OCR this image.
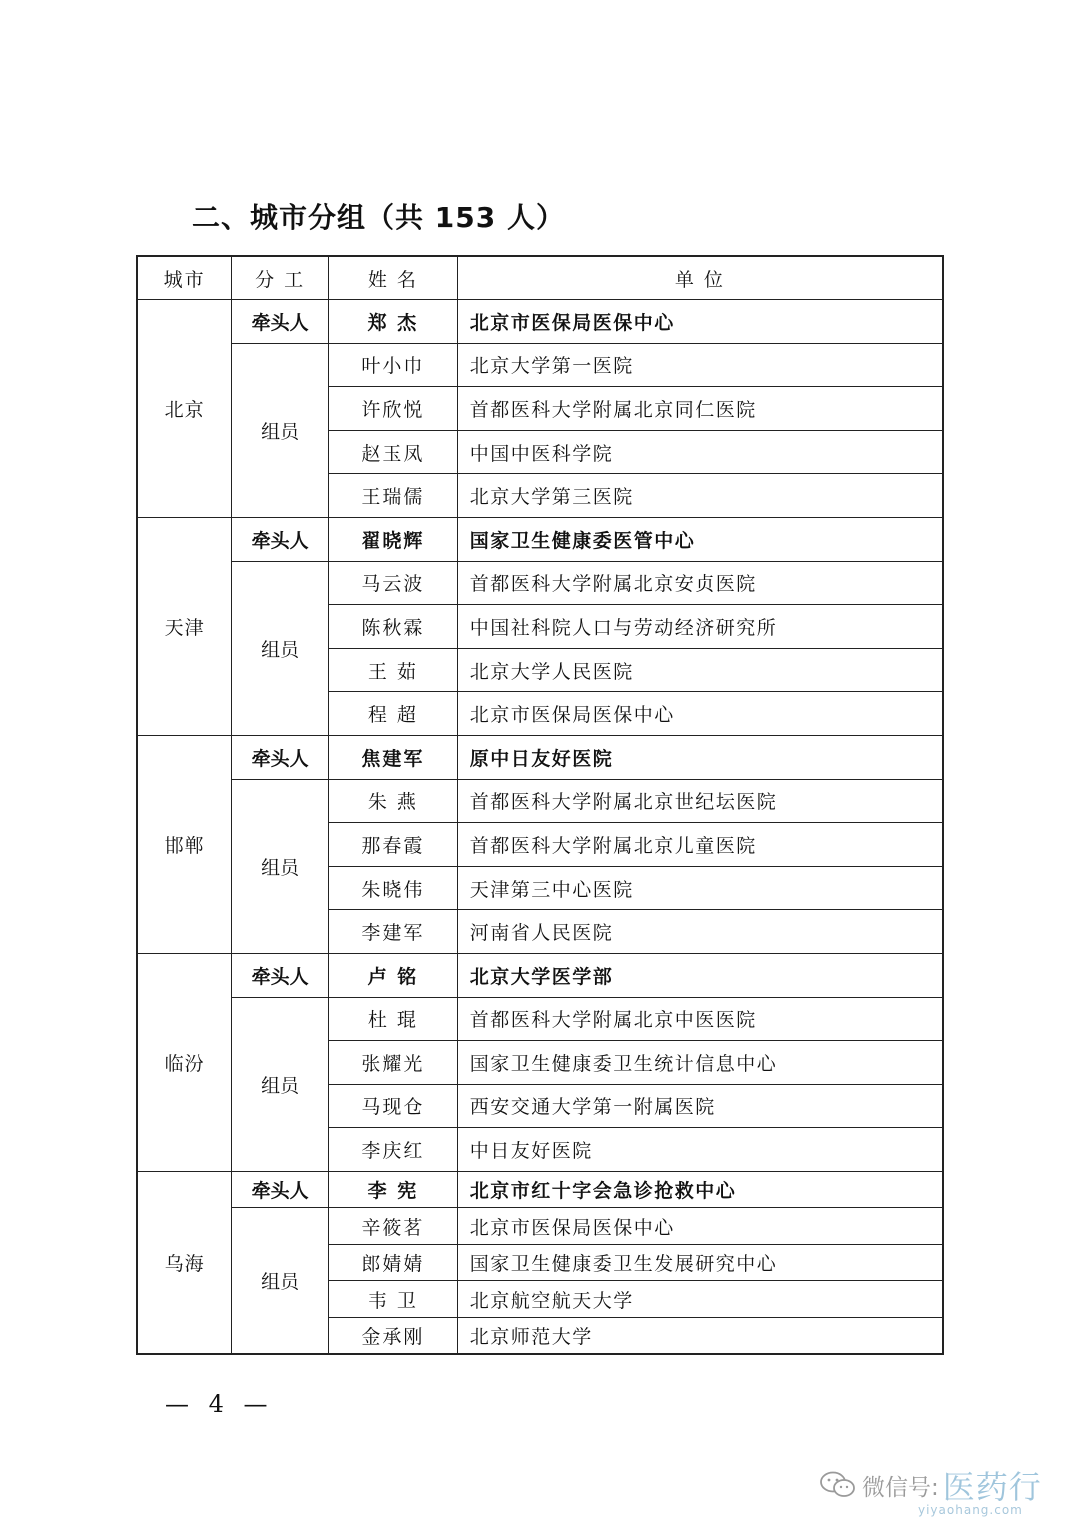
二、城市分组（共 153 人）
城市	分 工	姓 名	单 位
北京	牵头人	郑 杰	北京市医保局医保中心
	组员	叶小巾	北京大学第一医院
		许欣悦	首都医科大学附属北京同仁医院
		赵玉凤	中国中医科学院
		王瑞儒	北京大学第三医院
天津	牵头人	翟晓辉	国家卫生健康委医管中心
	组员	马云波	首都医科大学附属北京安贞医院
		陈秋霖	中国社科院人口与劳动经济研究所
		王 茹	北京大学人民医院
		程 超	北京市医保局医保中心
邯郸	牵头人	焦建军	原中日友好医院
	组员	朱 燕	首都医科大学附属北京世纪坛医院
		那春霞	首都医科大学附属北京儿童医院
		朱晓伟	天津第三中心医院
		李建军	河南省人民医院
临汾	牵头人	卢 铭	北京大学医学部
	组员	杜 琨	首都医科大学附属北京中医医院
		张耀光	国家卫生健康委卫生统计信息中心
		马现仓	西安交通大学第一附属医院
		李庆红	中日友好医院
乌海	牵头人	李 宪	北京市红十字会急诊抢救中心
	组员	辛筱茗	北京市医保局医保中心
		郎婧婧	国家卫生健康委卫生发展研究中心
		韦 卫	北京航空航天大学
		金承刚	北京师范大学
— 4 —
微信号: 医药行
yiyaohang.com
